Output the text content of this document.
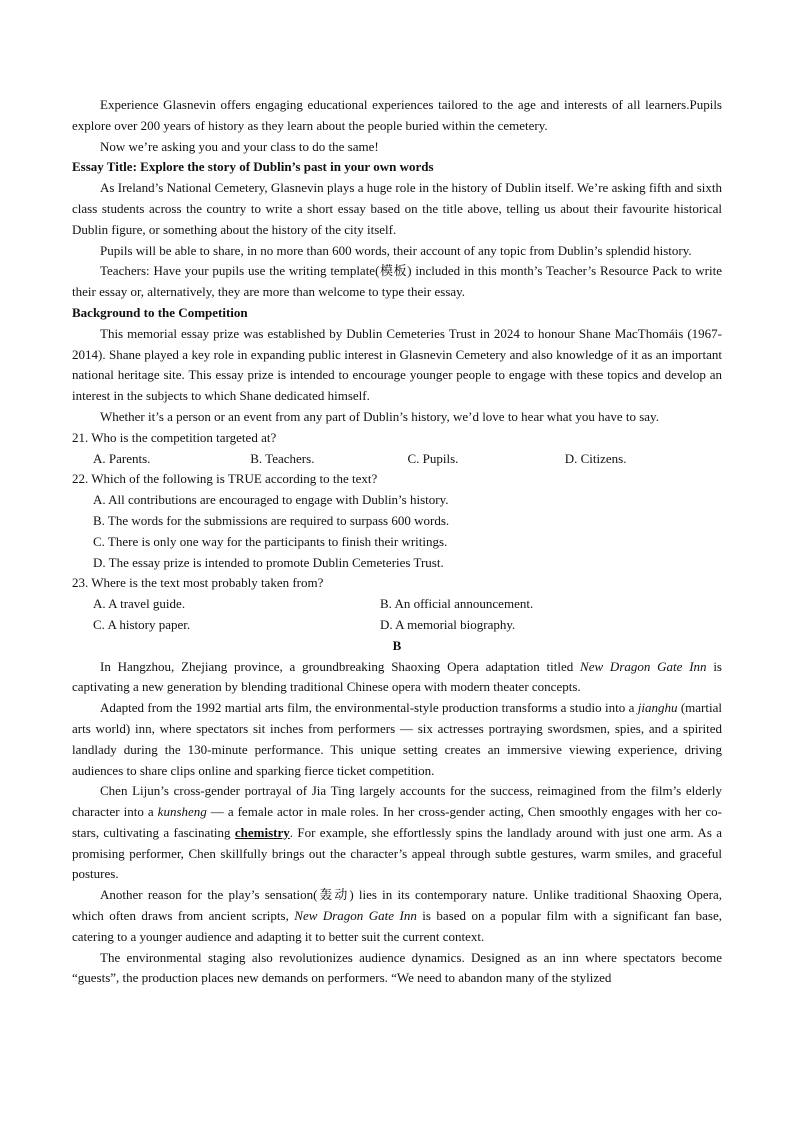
Experience Glasnevin offers engaging educational experiences tailored to the age and interests of all learners.Pupils explore over 200 years of history as they learn about the people buried within the cemetery.

Now we’re asking you and your class to do the same!

Essay Title: Explore the story of Dublin’s past in your own words

As Ireland’s National Cemetery, Glasnevin plays a huge role in the history of Dublin itself. We’re asking fifth and sixth class students across the country to write a short essay based on the title above, telling us about their favourite historical Dublin figure, or something about the history of the city itself.

Pupils will be able to share, in no more than 600 words, their account of any topic from Dublin’s splendid history.

Teachers: Have your pupils use the writing template(模板) included in this month’s Teacher’s Resource Pack to write their essay or, alternatively, they are more than welcome to type their essay.

Background to the Competition

This memorial essay prize was established by Dublin Cemeteries Trust in 2024 to honour Shane MacThomáis (1967-2014). Shane played a key role in expanding public interest in Glasnevin Cemetery and also knowledge of it as an important national heritage site. This essay prize is intended to encourage younger people to engage with these topics and develop an interest in the subjects to which Shane dedicated himself.

Whether it’s a person or an event from any part of Dublin’s history, we’d love to hear what you have to say.

21. Who is the competition targeted at?
A. Parents.	B. Teachers.	C. Pupils.	D. Citizens.
22. Which of the following is TRUE according to the text?
A. All contributions are encouraged to engage with Dublin’s history.
B. The words for the submissions are required to surpass 600 words.
C. There is only one way for the participants to finish their writings.
D. The essay prize is intended to promote Dublin Cemeteries Trust.
23. Where is the text most probably taken from?
A. A travel guide.	B. An official announcement.
C. A history paper.	D. A memorial biography.
B

In Hangzhou, Zhejiang province, a groundbreaking Shaoxing Opera adaptation titled New Dragon Gate Inn is captivating a new generation by blending traditional Chinese opera with modern theater concepts.

Adapted from the 1992 martial arts film, the environmental-style production transforms a studio into a jianghu (martial arts world) inn, where spectators sit inches from performers — six actresses portraying swordsmen, spies, and a spirited landlady during the 130-minute performance. This unique setting creates an immersive viewing experience, driving audiences to share clips online and sparking fierce ticket competition.

Chen Lijun’s cross-gender portrayal of Jia Ting largely accounts for the success, reimagined from the film’s elderly character into a kunsheng — a female actor in male roles. In her cross-gender acting, Chen smoothly engages with her co-stars, cultivating a fascinating chemistry. For example, she effortlessly spins the landlady around with just one arm. As a promising performer, Chen skillfully brings out the character’s appeal through subtle gestures, warm smiles, and graceful postures.

Another reason for the play’s sensation(轰动) lies in its contemporary nature. Unlike traditional Shaoxing Opera, which often draws from ancient scripts, New Dragon Gate Inn is based on a popular film with a significant fan base, catering to a younger audience and adapting it to better suit the current context.

The environmental staging also revolutionizes audience dynamics. Designed as an inn where spectators become “guests”, the production places new demands on performers. “We need to abandon many of the stylized
